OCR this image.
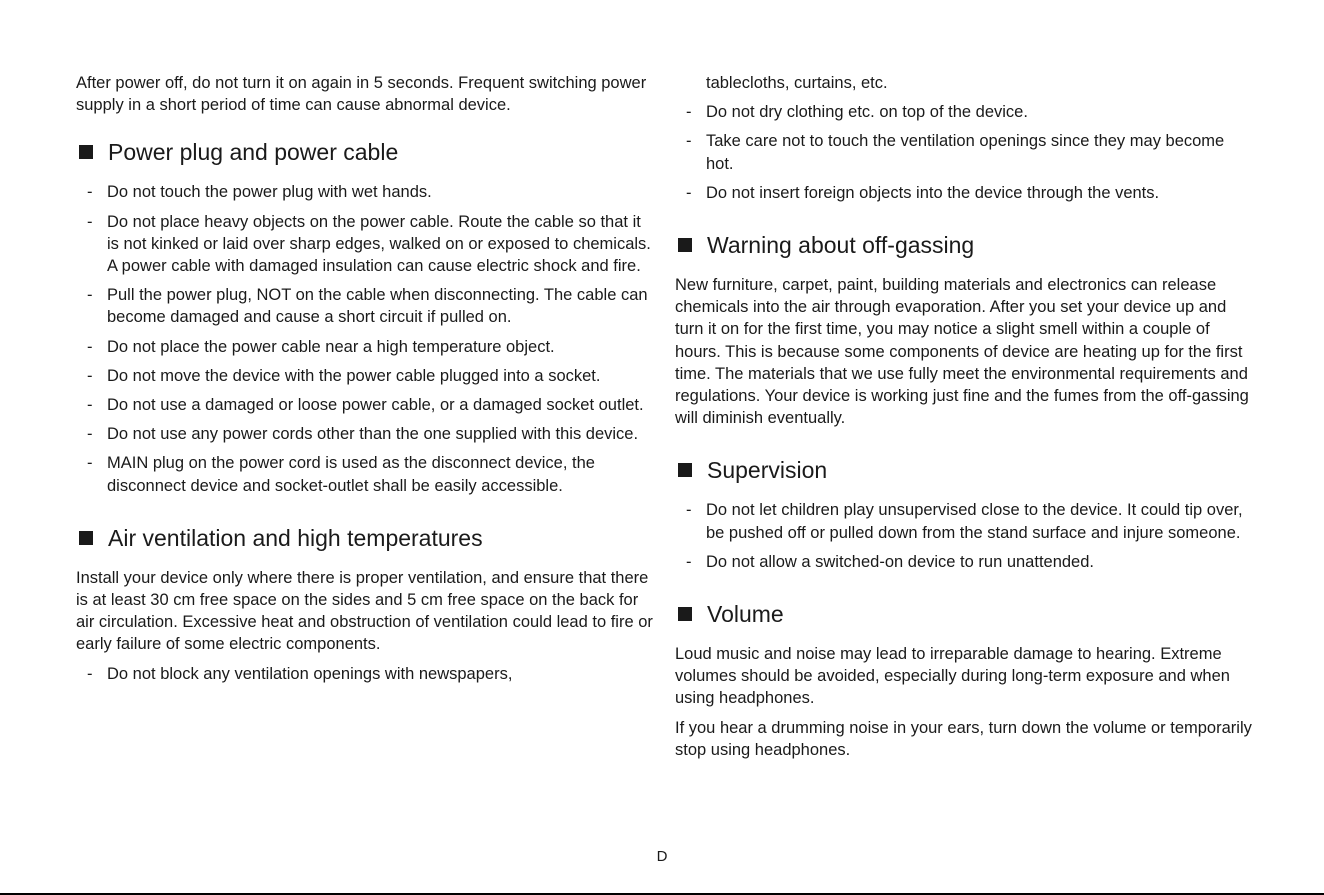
After power off, do not turn it on again in 5 seconds. Frequent switching power supply in a short period of time can cause abnormal device.

Power plug and power cable
- Do not touch the power plug with wet hands.
- Do not place heavy objects on the power cable. Route the cable so that it is not kinked or laid over sharp edges, walked on or exposed to chemicals. A power cable with damaged insulation can cause electric shock and fire.
- Pull the power plug, NOT on the cable when disconnecting. The cable can become damaged and cause a short circuit if pulled on.
- Do not place the power cable near a high temperature object.
- Do not move the device with the power cable plugged into a socket.
- Do not use a damaged or loose power cable, or a damaged socket outlet.
- Do not use any power cords other than the one supplied with this device.
- MAIN plug on the power cord is used as the disconnect device, the disconnect device and socket-outlet shall be easily accessible.
Air ventilation and high temperatures

Install your device only where there is proper ventilation, and ensure that there is at least 30 cm free space on the sides and 5 cm free space on the back for air circulation. Excessive heat and obstruction of ventilation could lead to fire or early failure of some electric components.

- Do not block any ventilation openings with newspapers,
tablecloths, curtains, etc.
- Do not dry clothing etc. on top of the device.
- Take care not to touch the ventilation openings since they may become hot.
- Do not insert foreign objects into the device through the vents.
Warning about off-gassing

New furniture, carpet, paint, building materials and electronics can release chemicals into the air through evaporation. After you set your device up and turn it on for the first time, you may notice a slight smell within a couple of hours. This is because some components of device are heating up for the first time. The materials that we use fully meet the environmental requirements and regulations. Your device is working just fine and the fumes from the off-gassing will diminish eventually.

Supervision
- Do not let children play unsupervised close to the device. It could tip over, be pushed off or pulled down from the stand surface and injure someone.
- Do not allow a switched-on device to run unattended.
Volume

Loud music and noise may lead to irreparable damage to hearing. Extreme volumes should be avoided, especially during long-term exposure and when using headphones.

If you hear a drumming noise in your ears, turn down the volume or temporarily stop using headphones.

D
